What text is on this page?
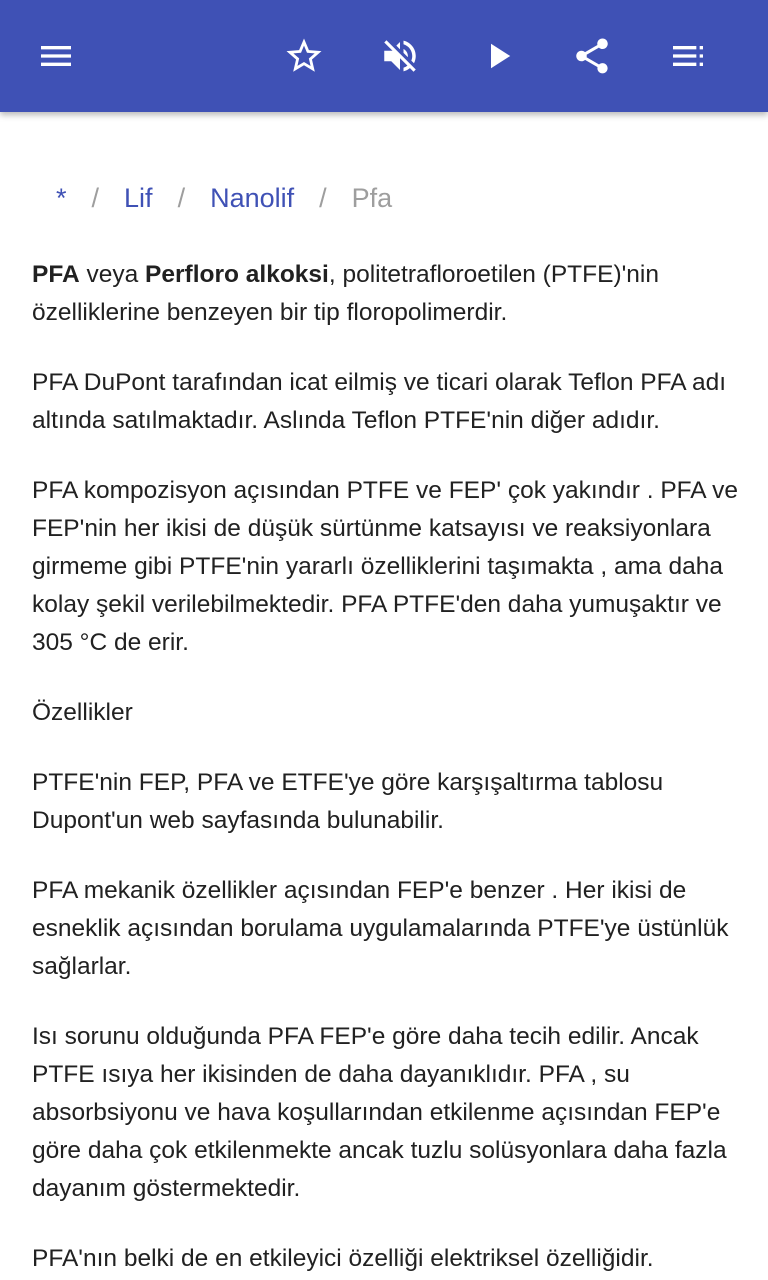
* / Lif / Nanolif / Pfa

PFA veya Perfloro alkoksi, politetrafloroetilen (PTFE)'nin özelliklerine benzeyen bir tip floropolimerdir.

PFA DuPont tarafından icat eilmiş ve ticari olarak Teflon PFA adı altında satılmaktadır. Aslında Teflon PTFE'nin diğer adıdır.

PFA kompozisyon açısından PTFE ve FEP' çok yakındır . PFA ve FEP'nin her ikisi de düşük sürtünme katsayısı ve reaksiyonlara girmeme gibi PTFE'nin yararlı özelliklerini taşımakta , ama daha kolay şekil verilebilmektedir. PFA PTFE'den daha yumuşaktır ve 305 °C de erir.

Özellikler

PTFE'nin FEP, PFA ve ETFE'ye göre karşışaltırma tablosu Dupont'un web sayfasında bulunabilir.

PFA mekanik özellikler açısından FEP'e benzer . Her ikisi de esneklik açısından borulama uygulamalarında PTFE'ye üstünlük sağlarlar.

Isı sorunu olduğunda PFA FEP'e göre daha tecih edilir. Ancak PTFE ısıya her ikisinden de daha dayanıklıdır. PFA , su absorbsiyonu ve hava koşullarından etkilenme açısından FEP'e göre daha çok etkilenmekte ancak tuzlu solüsyonlara daha fazla dayanım göstermektedir.

PFA'nın belki de en etkileyici özelliği elektriksel özelliğidir.
